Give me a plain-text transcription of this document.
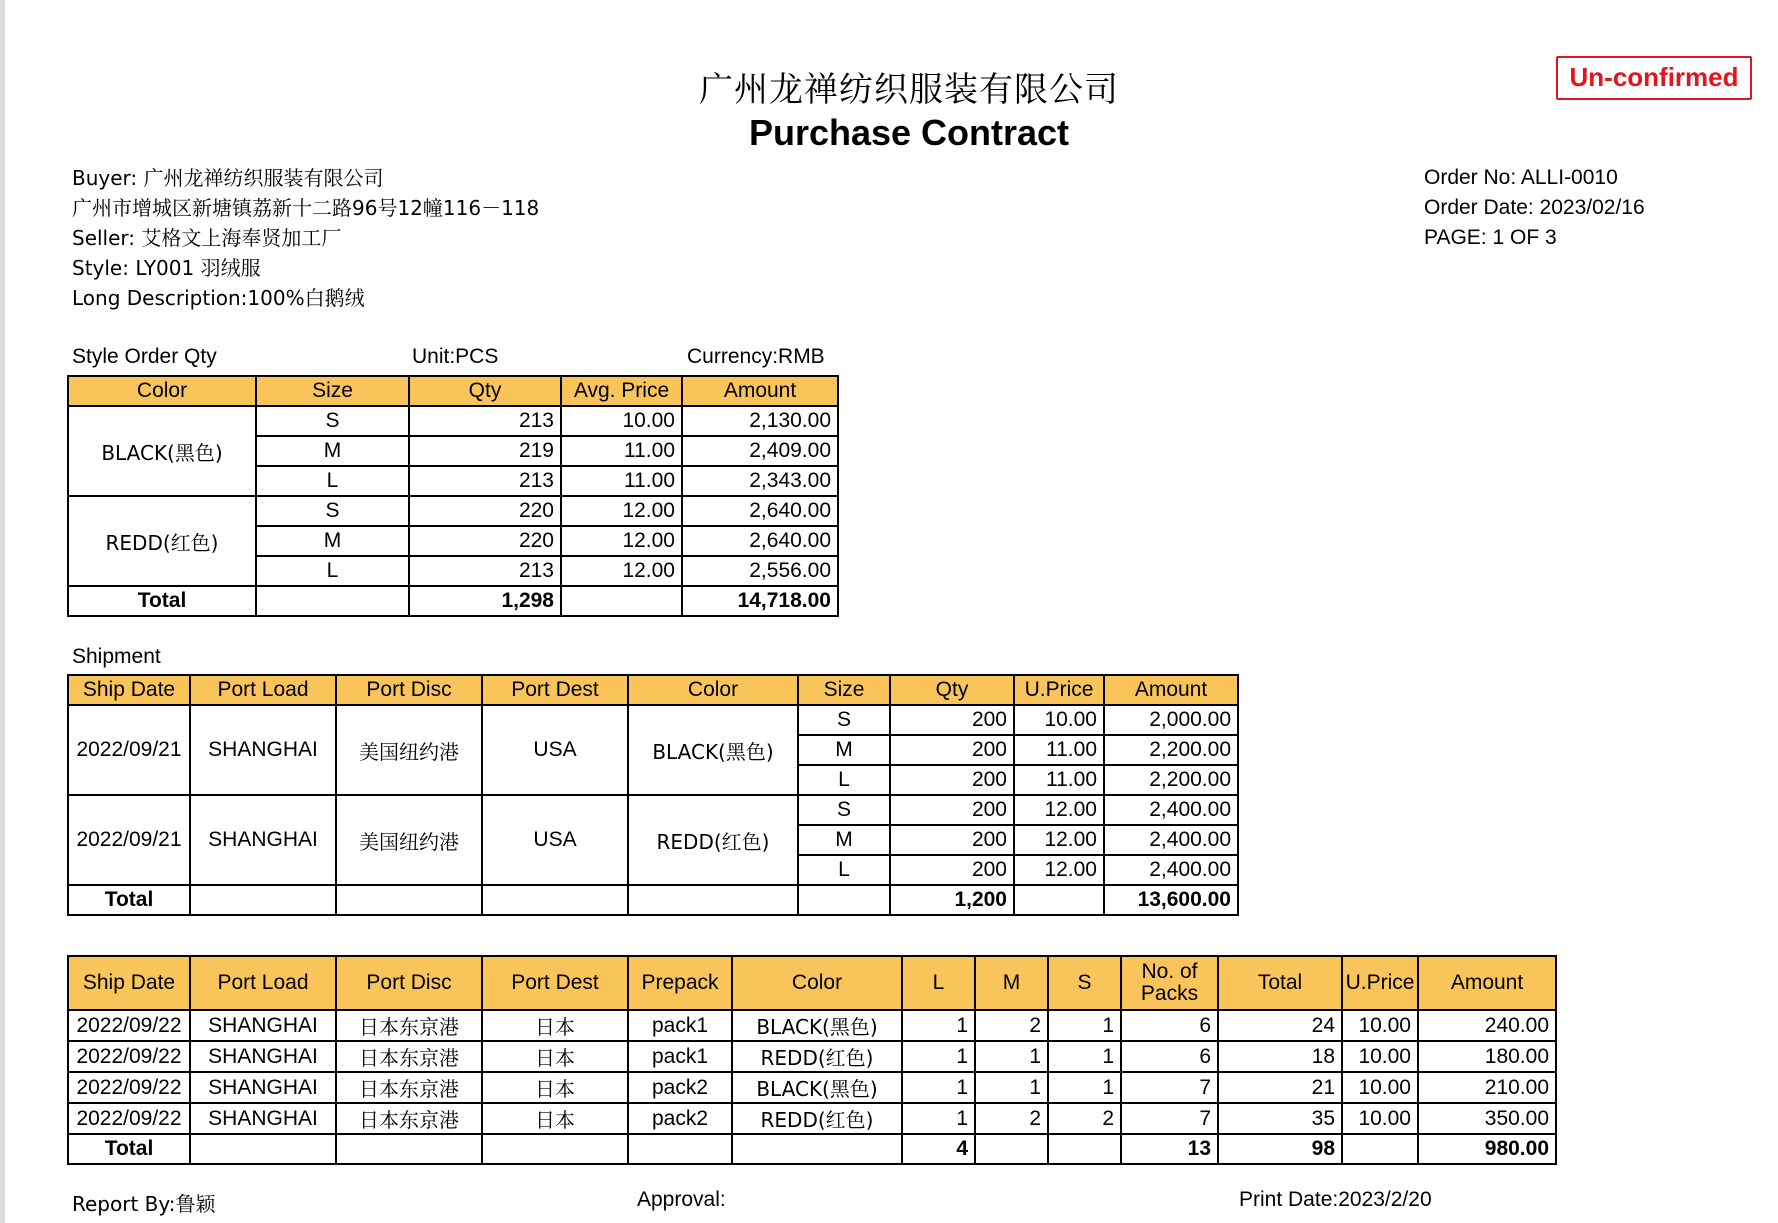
广州龙禅纺织服装有限公司
Purchase Contract
Un-confirmed
Buyer: 广州龙禅纺织服装有限公司
广州市增城区新塘镇荔新十二路96号12幢116－118
Seller: 艾格文上海奉贤加工厂
Style: LY001 羽绒服
Long Description:100%白鹅绒
Order No: ALLI-0010
Order Date: 2023/02/16
PAGE: 1 OF 3
Style Order Qty	Unit:PCS	Currency:RMB
Color	Size	Qty	Avg. Price	Amount
BLACK(黑色)	S	213	10.00	2,130.00
	M	219	11.00	2,409.00
	L	213	11.00	2,343.00
REDD(红色)	S	220	12.00	2,640.00
	M	220	12.00	2,640.00
	L	213	12.00	2,556.00
Total		1,298		14,718.00
Shipment
Ship Date	Port Load	Port Disc	Port Dest	Color	Size	Qty	U.Price	Amount
2022/09/21	SHANGHAI	美国纽约港	USA	BLACK(黑色)	S	200	10.00	2,000.00
					M	200	11.00	2,200.00
					L	200	11.00	2,200.00
2022/09/21	SHANGHAI	美国纽约港	USA	REDD(红色)	S	200	12.00	2,400.00
					M	200	12.00	2,400.00
					L	200	12.00	2,400.00
Total						1,200		13,600.00
Ship Date	Port Load	Port Disc	Port Dest	Prepack	Color	L	M	S	No. of Packs	Total	U.Price	Amount
2022/09/22	SHANGHAI	日本东京港	日本	pack1	BLACK(黑色)	1	2	1	6	24	10.00	240.00
2022/09/22	SHANGHAI	日本东京港	日本	pack1	REDD(红色)	1	1	1	6	18	10.00	180.00
2022/09/22	SHANGHAI	日本东京港	日本	pack2	BLACK(黑色)	1	1	1	7	21	10.00	210.00
2022/09/22	SHANGHAI	日本东京港	日本	pack2	REDD(红色)	1	2	2	7	35	10.00	350.00
Total						4			13	98		980.00
Report By:鲁颖	Approval:	Print Date:2023/2/20
